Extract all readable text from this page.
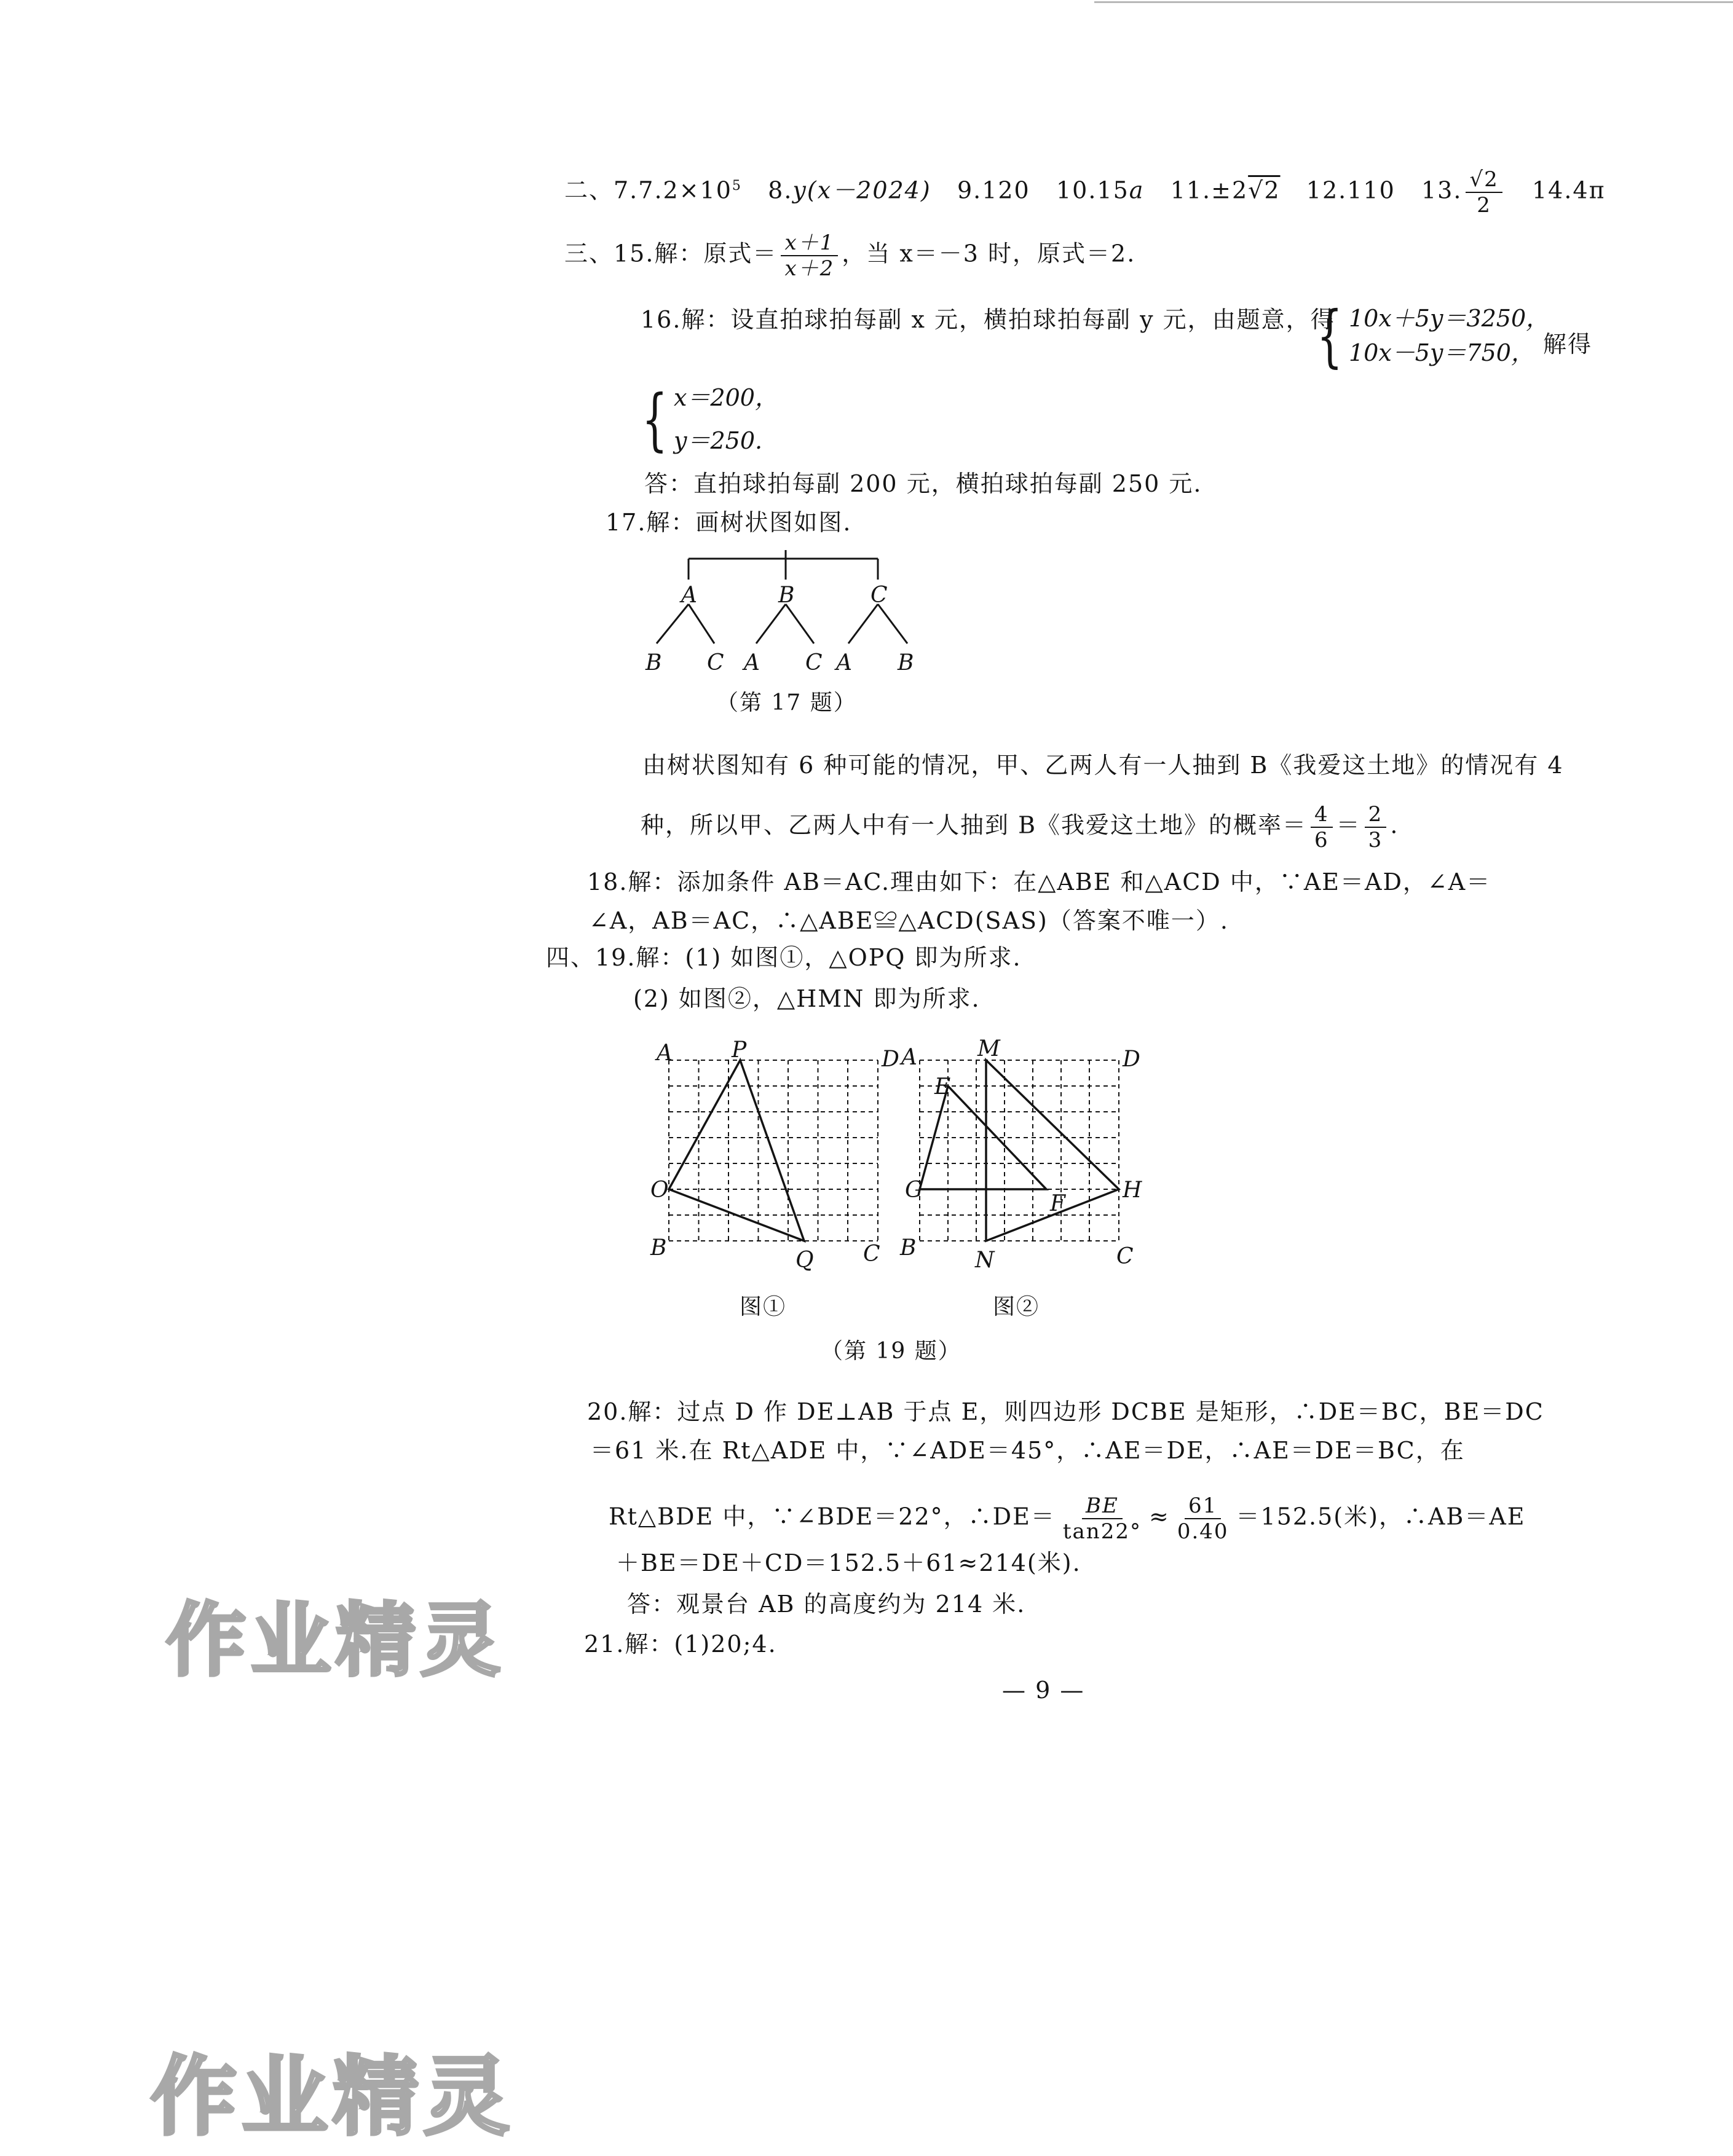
二、$7.7.2\times 10^5$ 8.y(x－2024) 9.120 10.15a 11.±2√2 12.110 13. $\frac{√2}{2} 14.4\pi$
三、15.解：原式＝ $\frac{x+1}{x+2}$ ，当 x＝－3 时，原式＝2.
16.解：设直拍球拍每副 x 元，横拍球拍每副 y 元，由题意，得
{ 10x＋5y＝3250，
10x－5y＝750， 解得
{ x＝200，
y＝250.
答：直拍球拍每副 200 元，横拍球拍每副 250 元.
17.解：画树状图如图.
A	B	C
B C A C A B
（第 17 题）
由树状图知有 6 种可能的情况，甲、乙两人有一人抽到 B《我爱这土地》的情况有 4
种，所以甲、乙两人中有一人抽到 B《我爱这土地》的概率＝ $\frac{4}{6} = \frac{2}{3}$ .
18.解：添加条件 AB＝AC.理由如下：在△ABE 和△ACD 中，∵AE＝AD，∠A＝
∠A，AB＝AC，∴△ABE≌△ACD(SAS)（答案不唯一）.
四、19.解：(1) 如图①，△OPQ 即为所求.
(2) 如图②，△HMN 即为所求.
A	P	D
O
B	Q C
A	M	D
E
G
F
H
B	N	C
图①	图②
（第 19 题）
20.解：过点 D 作 DE⊥AB 于点 E，则四边形 DCBE 是矩形，∴DE＝BC，BE＝DC
＝61 米.在 Rt△ADE 中，∵∠ADE＝45°，∴AE＝DE，∴AE＝DE＝BC，在
Rt△BDE 中，∵∠BDE＝22°，∴DE＝ $\frac{BE}{\tan 22^\circ} \approx \frac{61}{0.40} =152.5$(米)，∴AB＝AE
＋BE＝DE＋CD＝152.5＋61≈214(米).
答：观景台 AB 的高度约为 214 米.
21.解：(1)20;4.
— 9 —
作业精灵
作业精灵
